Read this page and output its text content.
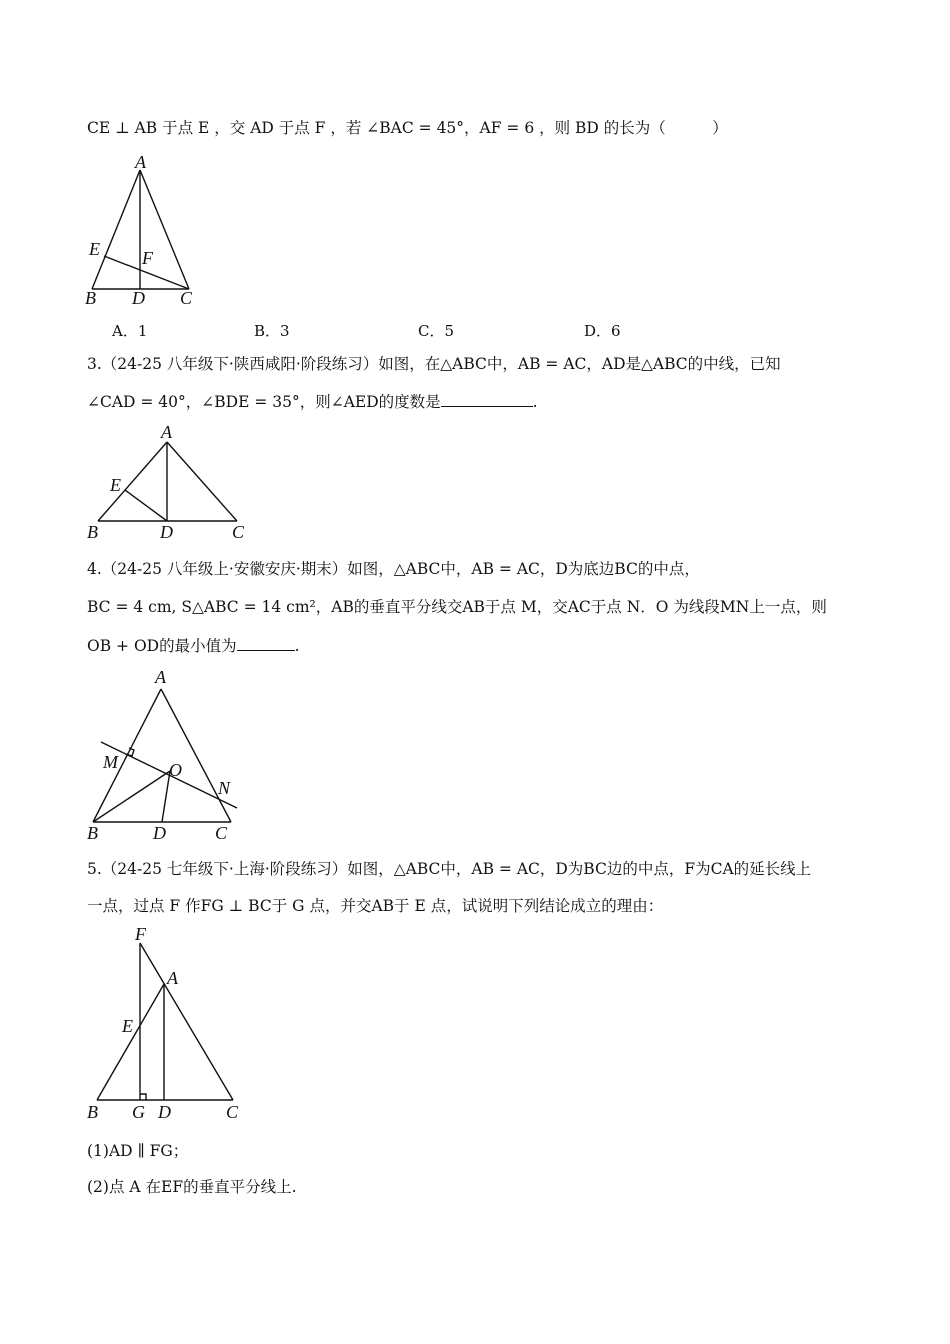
CE ⊥ AB 于点 E ，交 AD 于点 F ，若 ∠BAC = 45°，AF = 6 ，则 BD 的长为（　　　）
A
B D C
E F
A．1	B．3	C．5	D．6
3.（24-25 八年级下·陕西咸阳·阶段练习）如图，在△ABC中，AB = AC，AD是△ABC的中线，已知
∠CAD = 40°，∠BDE = 35°，则∠AED的度数是	.
A
B	D	C
E
4.（24-25 八年级上·安徽安庆·期末）如图，△ABC中，AB = AC，D为底边BC的中点，
BC = 4 cm, S△ABC = 14 cm²，AB的垂直平分线交AB于点 M，交AC于点 N．O 为线段MN上一点，则
OB + OD的最小值为	.
A
B	D	C
M	O
N
5.（24-25 七年级下·上海·阶段练习）如图，△ABC中，AB = AC，D为BC边的中点，F为CA的延长线上
一点，过点 F 作FG ⊥ BC于 G 点，并交AB于 E 点，试说明下列结论成立的理由：
F
A
E
B G D	C
(1)AD ∥ FG；
(2)点 A 在EF的垂直平分线上.
